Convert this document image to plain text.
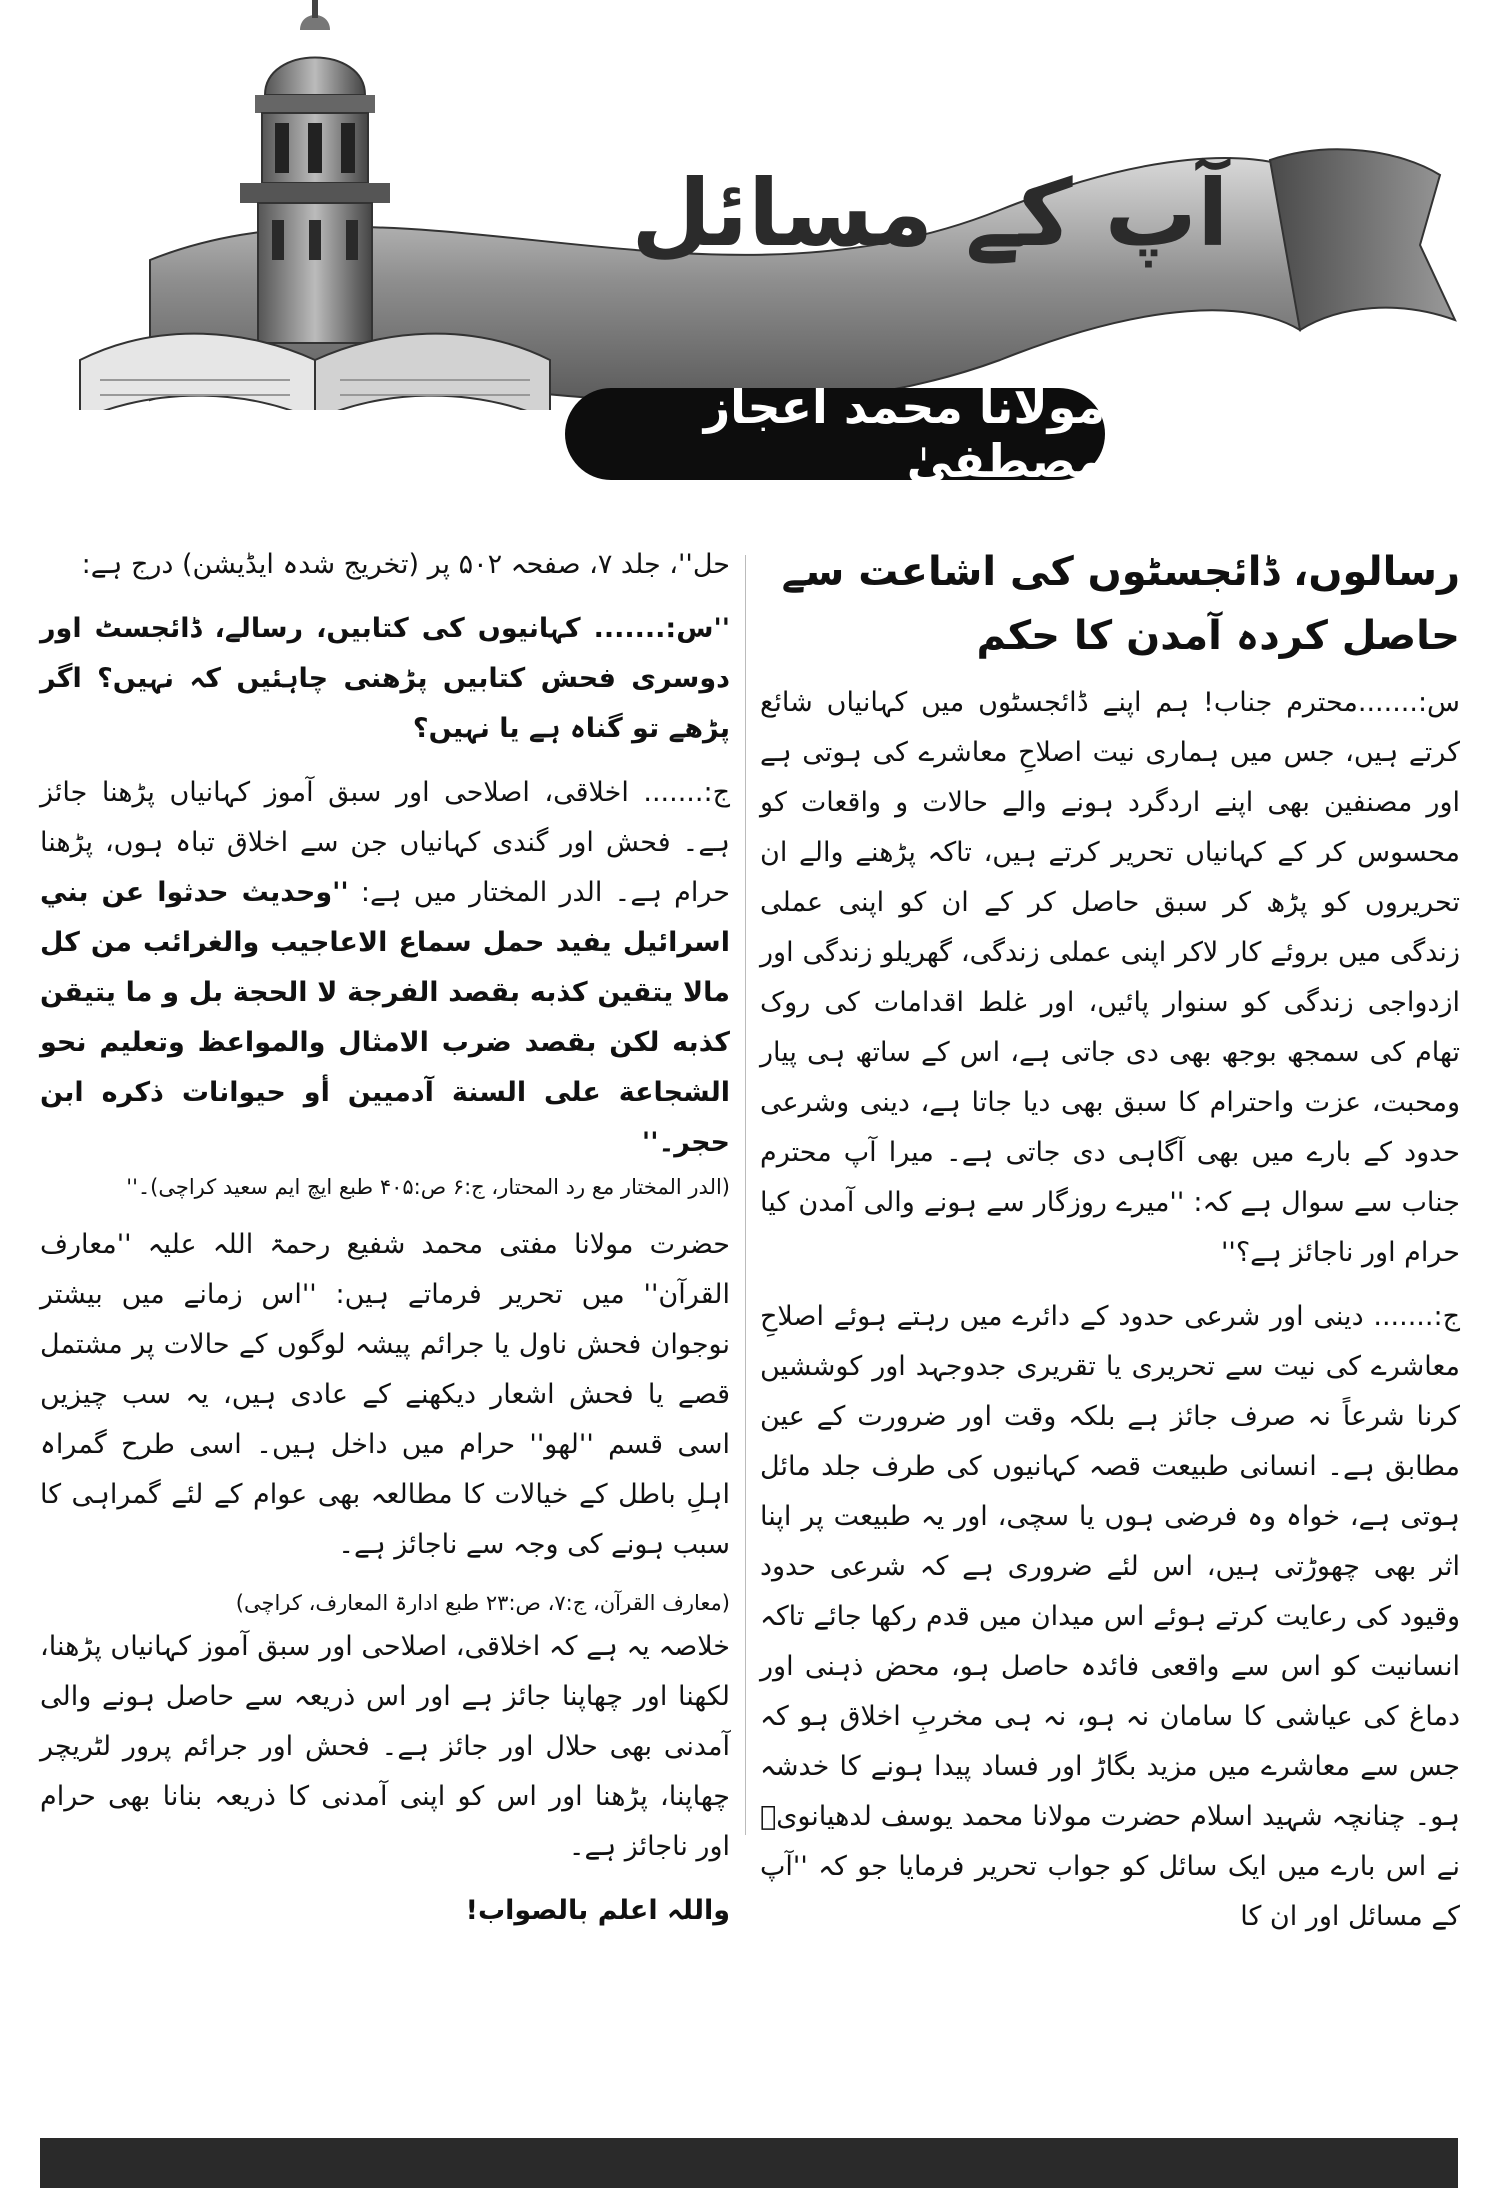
آپ کے مسائل
مولانا محمد اعجاز مصطفیٰ
رسالوں، ڈائجسٹوں کی اشاعت سے حاصل کردہ آمدن کا حکم

س:.......محترم جناب! ہم اپنے ڈائجسٹوں میں کہانیاں شائع کرتے ہیں، جس میں ہماری نیت اصلاحِ معاشرے کی ہوتی ہے اور مصنفین بھی اپنے اردگرد ہونے والے حالات و واقعات کو محسوس کر کے کہانیاں تحریر کرتے ہیں، تاکہ پڑھنے والے ان تحریروں کو پڑھ کر سبق حاصل کر کے ان کو اپنی عملی زندگی میں بروئے کار لاکر اپنی عملی زندگی، گھریلو زندگی اور ازدواجی زندگی کو سنوار پائیں، اور غلط اقدامات کی روک تھام کی سمجھ بوجھ بھی دی جاتی ہے، اس کے ساتھ ہی پیار ومحبت، عزت واحترام کا سبق بھی دیا جاتا ہے، دینی وشرعی حدود کے بارے میں بھی آگاہی دی جاتی ہے۔ میرا آپ محترم جناب سے سوال ہے کہ: ''میرے روزگار سے ہونے والی آمدن کیا حرام اور ناجائز ہے؟''

ج:....... دینی اور شرعی حدود کے دائرے میں رہتے ہوئے اصلاحِ معاشرے کی نیت سے تحریری یا تقریری جدوجہد اور کوششیں کرنا شرعاً نہ صرف جائز ہے بلکہ وقت اور ضرورت کے عین مطابق ہے۔ انسانی طبیعت قصہ کہانیوں کی طرف جلد مائل ہوتی ہے، خواہ وہ فرضی ہوں یا سچی، اور یہ طبیعت پر اپنا اثر بھی چھوڑتی ہیں، اس لئے ضروری ہے کہ شرعی حدود وقیود کی رعایت کرتے ہوئے اس میدان میں قدم رکھا جائے تاکہ انسانیت کو اس سے واقعی فائدہ حاصل ہو، محض ذہنی اور دماغ کی عیاشی کا سامان نہ ہو، نہ ہی مخربِ اخلاق ہو کہ جس سے معاشرے میں مزید بگاڑ اور فساد پیدا ہونے کا خدشہ ہو۔ چنانچہ شہید اسلام حضرت مولانا محمد یوسف لدھیانویؒ نے اس بارے میں ایک سائل کو جواب تحریر فرمایا جو کہ ''آپ کے مسائل اور ان کا

حل''، جلد ۷، صفحہ ۵۰۲ پر (تخریج شدہ ایڈیشن) درج ہے:

''س:....... کہانیوں کی کتابیں، رسالے، ڈائجسٹ اور دوسری فحش کتابیں پڑھنی چاہئیں کہ نہیں؟ اگر پڑھے تو گناہ ہے یا نہیں؟

ج:....... اخلاقی، اصلاحی اور سبق آموز کہانیاں پڑھنا جائز ہے۔ فحش اور گندی کہانیاں جن سے اخلاق تباہ ہوں، پڑھنا حرام ہے۔ الدر المختار میں ہے: ''وحديث حدثوا عن بني اسرائيل يفيد حمل سماع الاعاجيب والغرائب من كل مالا يتقين كذبه بقصد الفرجة لا الحجة بل و ما يتيقن كذبه لكن بقصد ضرب الامثال والمواعظ وتعليم نحو الشجاعة على السنة آدميين أو حيوانات ذكره ابن حجر۔''
(الدر المختار مع رد المحتار، ج:۶ ص:۴۰۵ طبع ایچ ایم سعید کراچی)۔''

حضرت مولانا مفتی محمد شفیع رحمۃ اللہ علیہ ''معارف القرآن'' میں تحریر فرماتے ہیں: ''اس زمانے میں بیشتر نوجوان فحش ناول یا جرائم پیشہ لوگوں کے حالات پر مشتمل قصے یا فحش اشعار دیکھنے کے عادی ہیں، یہ سب چیزیں اسی قسم ''لھو'' حرام میں داخل ہیں۔ اسی طرح گمراہ اہلِ باطل کے خیالات کا مطالعہ بھی عوام کے لئے گمراہی کا سبب ہونے کی وجہ سے ناجائز ہے۔

(معارف القرآن، ج:۷، ص:۲۳ طبع ادارۃ المعارف، کراچی)

خلاصہ یہ ہے کہ اخلاقی، اصلاحی اور سبق آموز کہانیاں پڑھنا، لکھنا اور چھاپنا جائز ہے اور اس ذریعہ سے حاصل ہونے والی آمدنی بھی حلال اور جائز ہے۔ فحش اور جرائم پرور لٹریچر چھاپنا، پڑھنا اور اس کو اپنی آمدنی کا ذریعہ بنانا بھی حرام اور ناجائز ہے۔

واللہ اعلم بالصواب!
